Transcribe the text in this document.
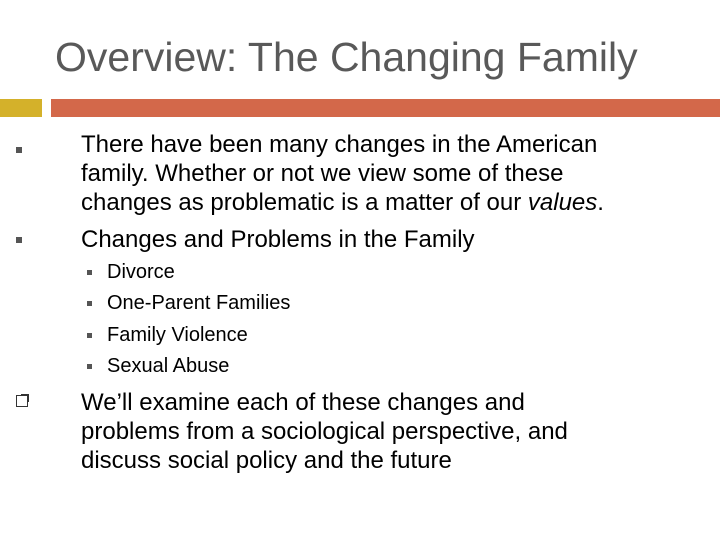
Overview: The Changing Family
There have been many changes in the American
family. Whether or not we view some of these
changes as problematic is a matter of our values.
Changes and Problems in the Family
Divorce
One-Parent Families
Family Violence
Sexual Abuse
We’ll examine each of these changes and
problems from a sociological perspective, and
discuss social policy and the future
